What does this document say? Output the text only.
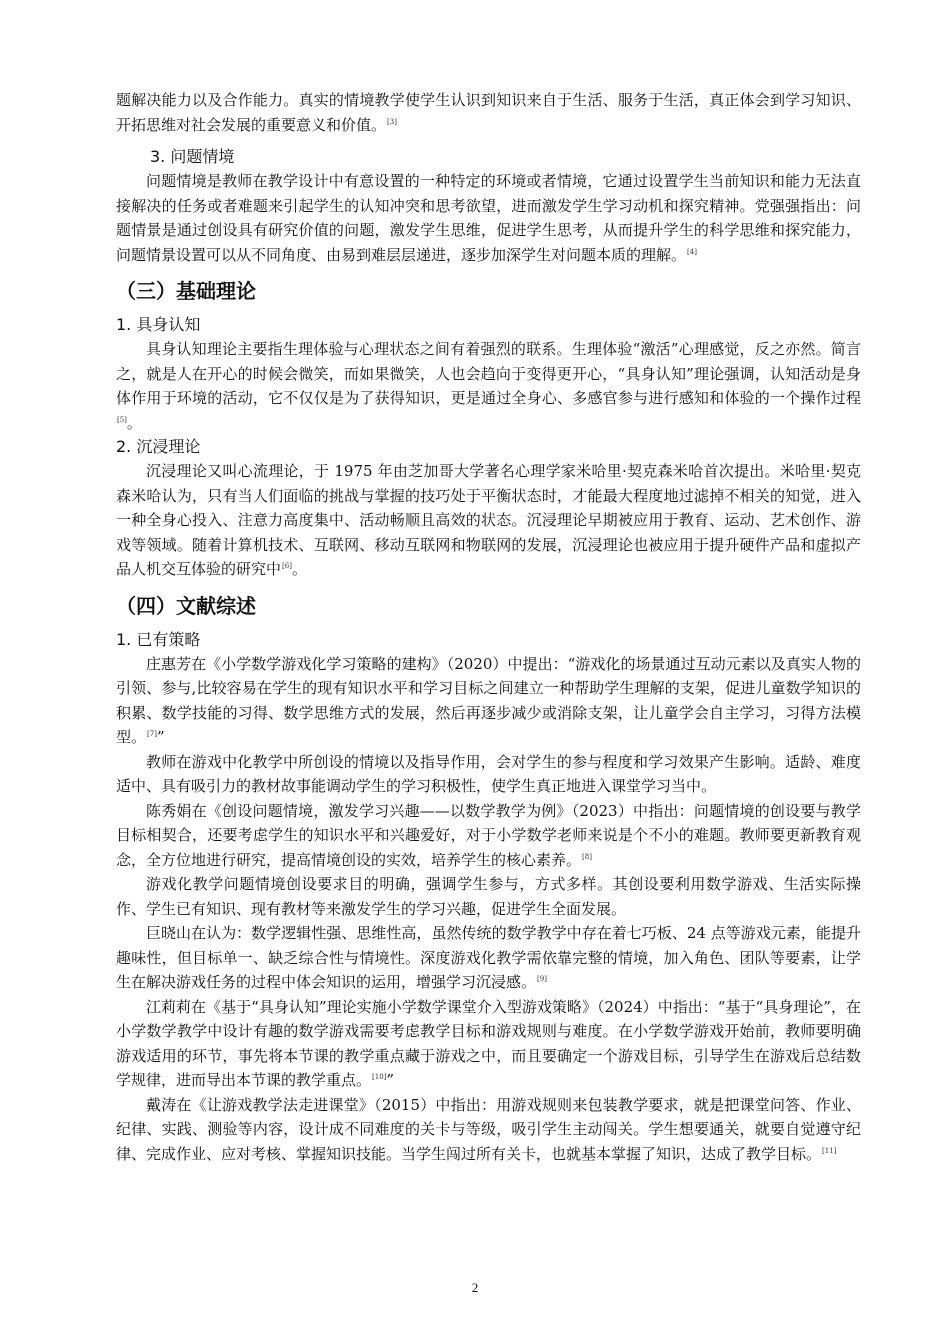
题解决能力以及合作能力。真实的情境教学使学生认识到知识来自于生活、服务于生活，真正体会到学习知识、开拓思维对社会发展的重要意义和价值。[3]

3. 问题情境

问题情境是教师在教学设计中有意设置的一种特定的环境或者情境，它通过设置学生当前知识和能力无法直接解决的任务或者难题来引起学生的认知冲突和思考欲望，进而激发学生学习动机和探究精神。党强强指出：问题情景是通过创设具有研究价值的问题，激发学生思维，促进学生思考，从而提升学生的科学思维和探究能力，问题情景设置可以从不同角度、由易到难层层递进，逐步加深学生对问题本质的理解。[4]

（三）基础理论
1. 具身认知

具身认知理论主要指生理体验与心理状态之间有着强烈的联系。生理体验“激活”心理感觉，反之亦然。简言之，就是人在开心的时候会微笑，而如果微笑，人也会趋向于变得更开心，“具身认知”理论强调，认知活动是身体作用于环境的活动，它不仅仅是为了获得知识，更是通过全身心、多感官参与进行感知和体验的一个操作过程[5]。

2. 沉浸理论

沉浸理论又叫心流理论，于 1975 年由芝加哥大学著名心理学家米哈里·契克森米哈首次提出。米哈里·契克森米哈认为，只有当人们面临的挑战与掌握的技巧处于平衡状态时，才能最大程度地过滤掉不相关的知觉，进入一种全身心投入、注意力高度集中、活动畅顺且高效的状态。沉浸理论早期被应用于教育、运动、艺术创作、游戏等领域。随着计算机技术、互联网、移动互联网和物联网的发展，沉浸理论也被应用于提升硬件产品和虚拟产品人机交互体验的研究中[6]。

（四）文献综述
1. 已有策略

庄惠芳在《小学数学游戏化学习策略的建构》（2020）中提出：“游戏化的场景通过互动元素以及真实人物的引领、参与,比较容易在学生的现有知识水平和学习目标之间建立一种帮助学生理解的支架，促进儿童数学知识的积累、数学技能的习得、数学思维方式的发展，然后再逐步减少或消除支架，让儿童学会自主学习，习得方法模型。[7]”

教师在游戏中化教学中所创设的情境以及指导作用，会对学生的参与程度和学习效果产生影响。适龄、难度适中、具有吸引力的教材故事能调动学生的学习积极性，使学生真正地进入课堂学习当中。

陈秀娟在《创设问题情境，激发学习兴趣——以数学教学为例》（2023）中指出：问题情境的创设要与教学目标相契合，还要考虑学生的知识水平和兴趣爱好，对于小学数学老师来说是个不小的难题。教师要更新教育观念，全方位地进行研究，提高情境创设的实效，培养学生的核心素养。[8]

游戏化教学问题情境创设要求目的明确，强调学生参与，方式多样。其创设要利用数学游戏、生活实际操作、学生已有知识、现有教材等来激发学生的学习兴趣，促进学生全面发展。

巨晓山在认为：数学逻辑性强、思维性高，虽然传统的数学教学中存在着七巧板、24 点等游戏元素，能提升趣味性，但目标单一、缺乏综合性与情境性。深度游戏化教学需依靠完整的情境，加入角色、团队等要素，让学生在解决游戏任务的过程中体会知识的运用，增强学习沉浸感。[9]

江莉莉在《基于“具身认知”理论实施小学数学课堂介入型游戏策略》（2024）中指出：“基于“具身理论”，在小学数学教学中设计有趣的数学游戏需要考虑教学目标和游戏规则与难度。在小学数学游戏开始前，教师要明确游戏适用的环节，事先将本节课的教学重点藏于游戏之中，而且要确定一个游戏目标，引导学生在游戏后总结数学规律，进而导出本节课的教学重点。[10]”

戴涛在《让游戏教学法走进课堂》（2015）中指出：用游戏规则来包装教学要求，就是把课堂问答、作业、纪律、实践、测验等内容，设计成不同难度的关卡与等级，吸引学生主动闯关。学生想要通关，就要自觉遵守纪律、完成作业、应对考核、掌握知识技能。当学生闯过所有关卡，也就基本掌握了知识，达成了教学目标。[11]

2
